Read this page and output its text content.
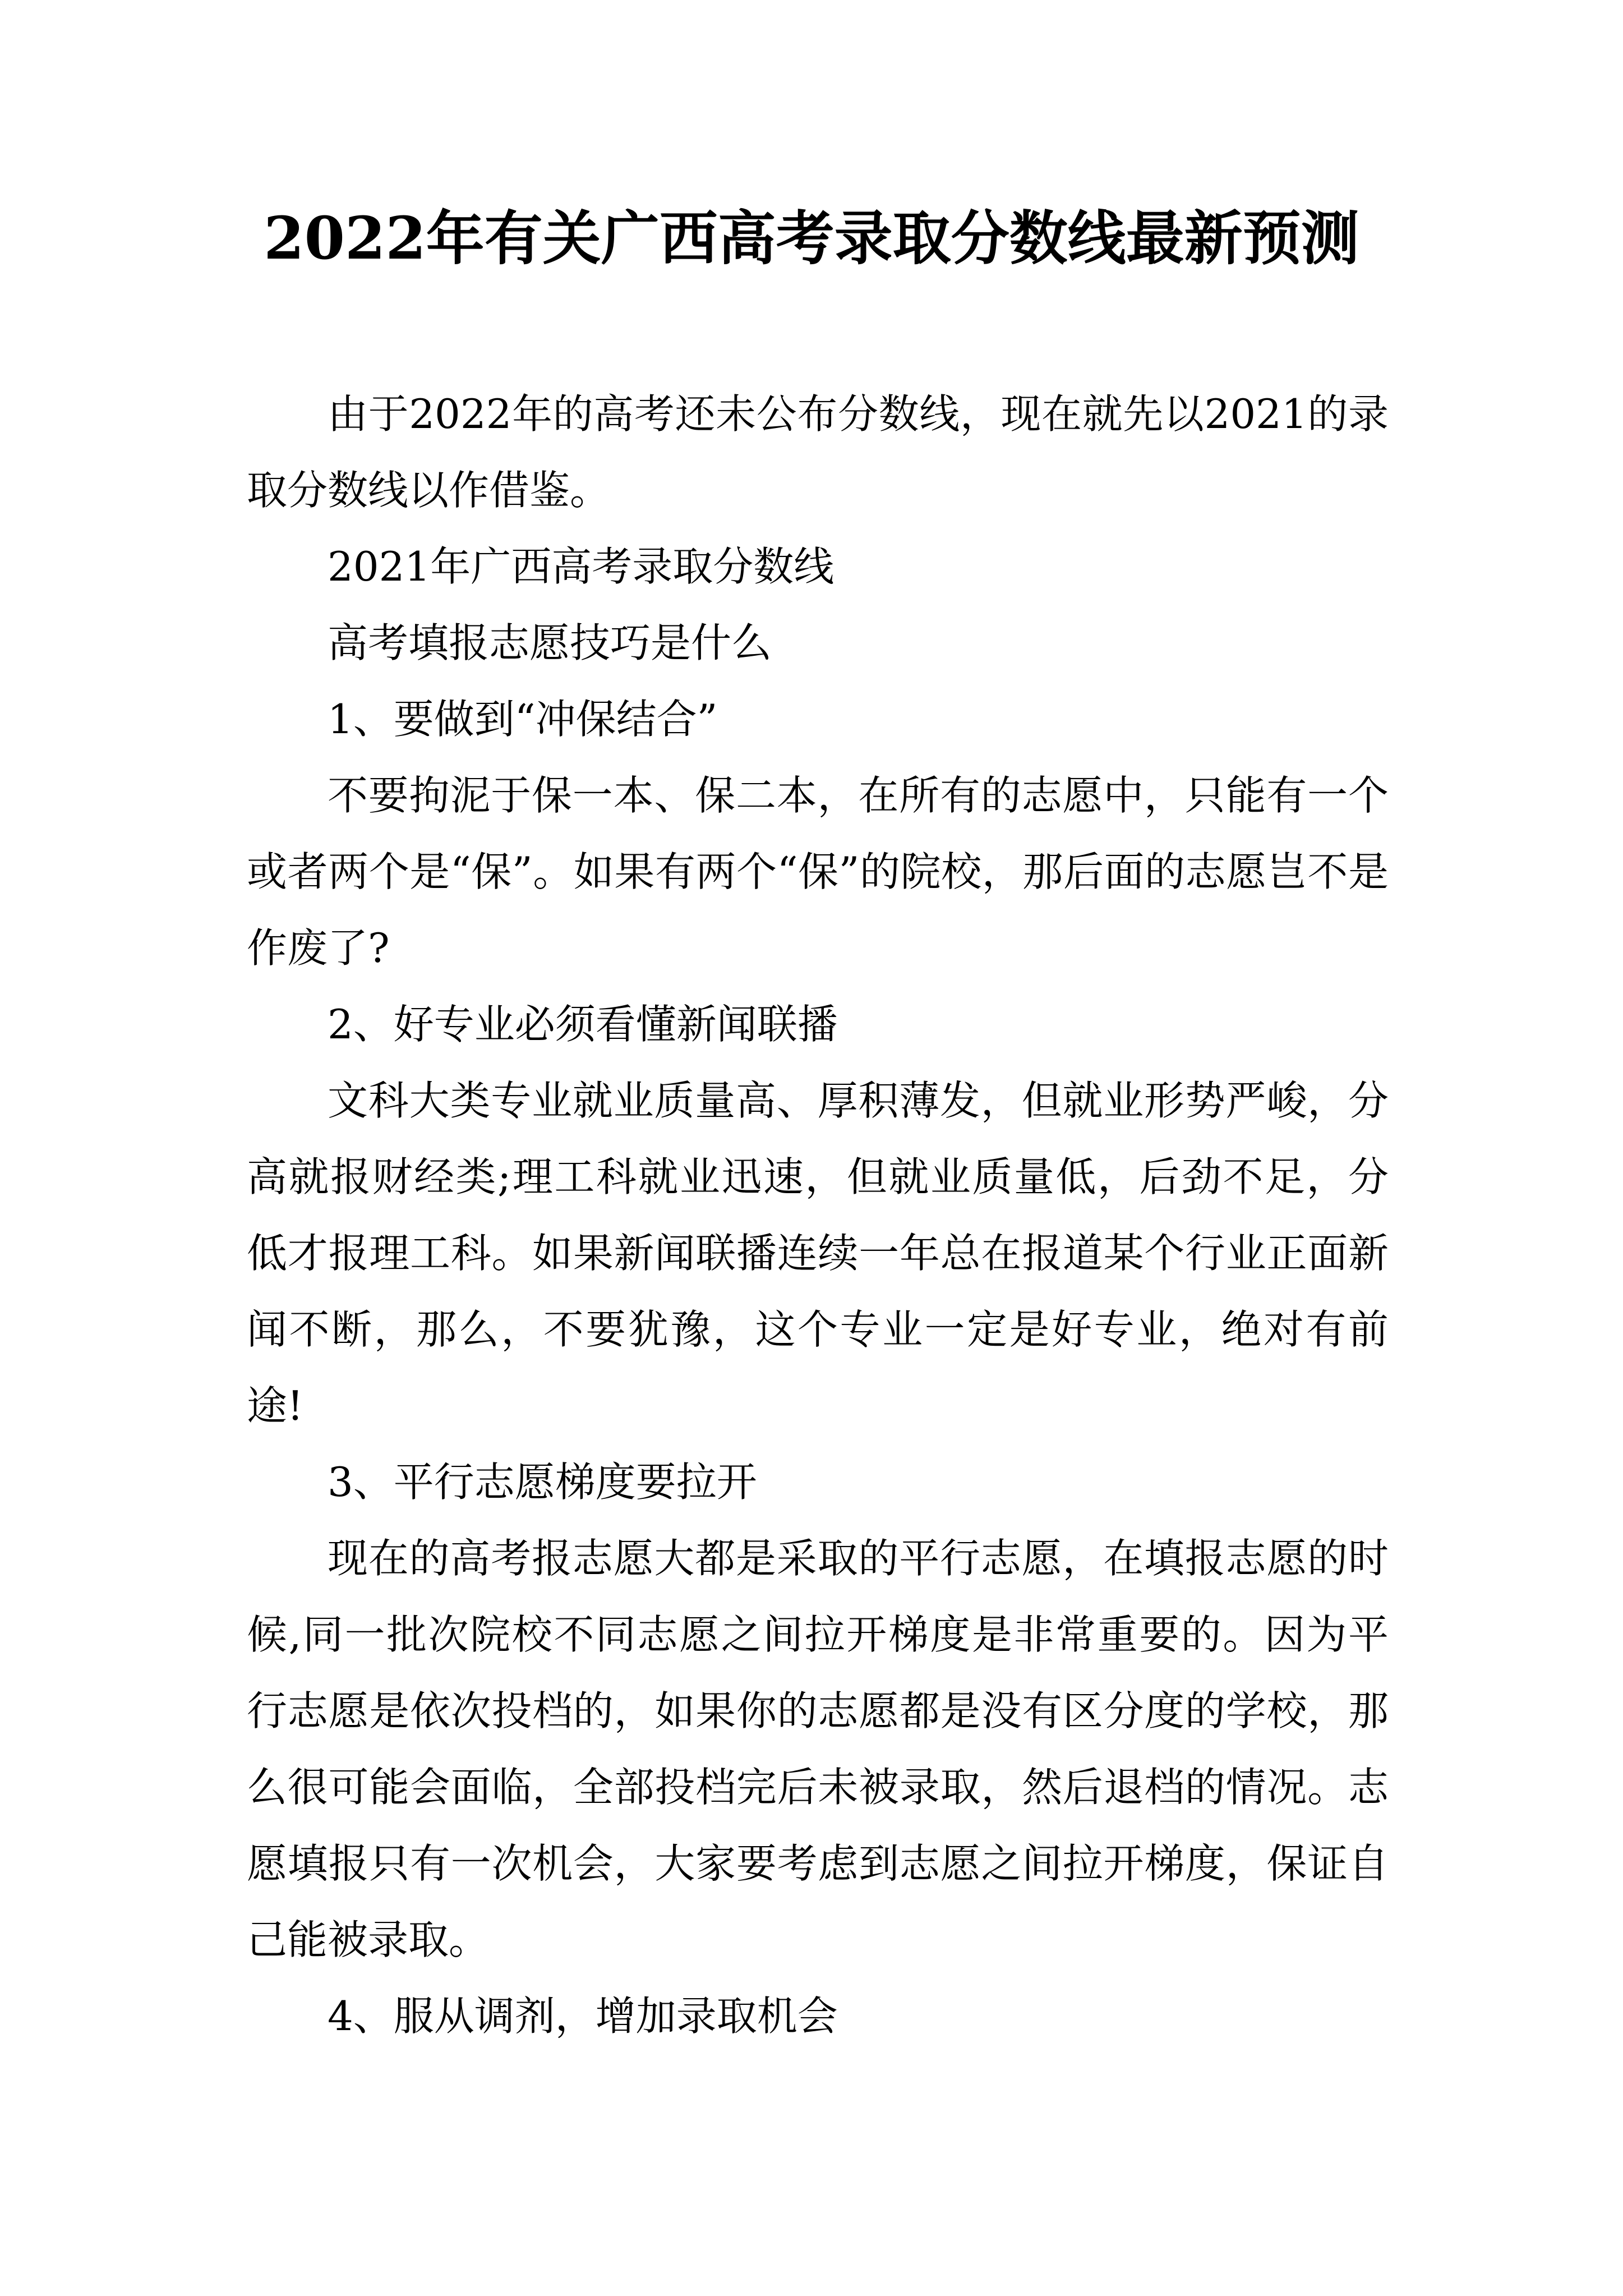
2022年有关广西高考录取分数线最新预测

由于2022年的高考还未公布分数线，现在就先以2021的录取分数线以作借鉴。

2021年广西高考录取分数线

高考填报志愿技巧是什么

1、要做到“冲保结合”

不要拘泥于保一本、保二本，在所有的志愿中，只能有一个或者两个是“保”。如果有两个“保”的院校，那后面的志愿岂不是作废了?

2、好专业必须看懂新闻联播

文科大类专业就业质量高、厚积薄发，但就业形势严峻，分高就报财经类;理工科就业迅速，但就业质量低，后劲不足，分低才报理工科。如果新闻联播连续一年总在报道某个行业正面新闻不断，那么，不要犹豫，这个专业一定是好专业，绝对有前途!

3、平行志愿梯度要拉开

现在的高考报志愿大都是采取的平行志愿，在填报志愿的时候,同一批次院校不同志愿之间拉开梯度是非常重要的。因为平行志愿是依次投档的，如果你的志愿都是没有区分度的学校，那么很可能会面临，全部投档完后未被录取，然后退档的情况。志愿填报只有一次机会，大家要考虑到志愿之间拉开梯度，保证自己能被录取。

4、服从调剂，增加录取机会
